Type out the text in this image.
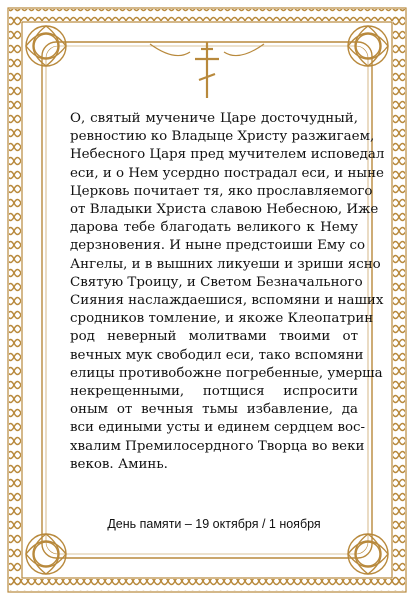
О, святый мучениче Царе досточудный,
ревностию ко Владыце Христу разжигаем,
Небесного Царя пред мучителем исповедал
еси, и о Нем усердно пострадал еси, и ныне
Церковь почитает тя, яко прославляемого
от Владыки Христа славою Небесною, Иже
дарова тебе благодать великого к Нему
дерзновения. И ныне предстоиши Ему со
Ангелы, и в вышних ликуеши и зриши ясно
Святую Троицу, и Светом Безначального
Сияния наслаждаешися, вспомяни и наших
сродников томление, и якоже Клеопатрин
род неверный молитвами твоими от
вечных мук свободил еси, тако вспомяни
елицы противобожне погребенные, умерша
некрещенными, потщися испросити
оным от вечныя тьмы избавление, да
вси едиными усты и единем сердцем вос-
хвалим Премилосердного Творца во веки
веков. Аминь.

День памяти – 19 октября / 1 ноября
